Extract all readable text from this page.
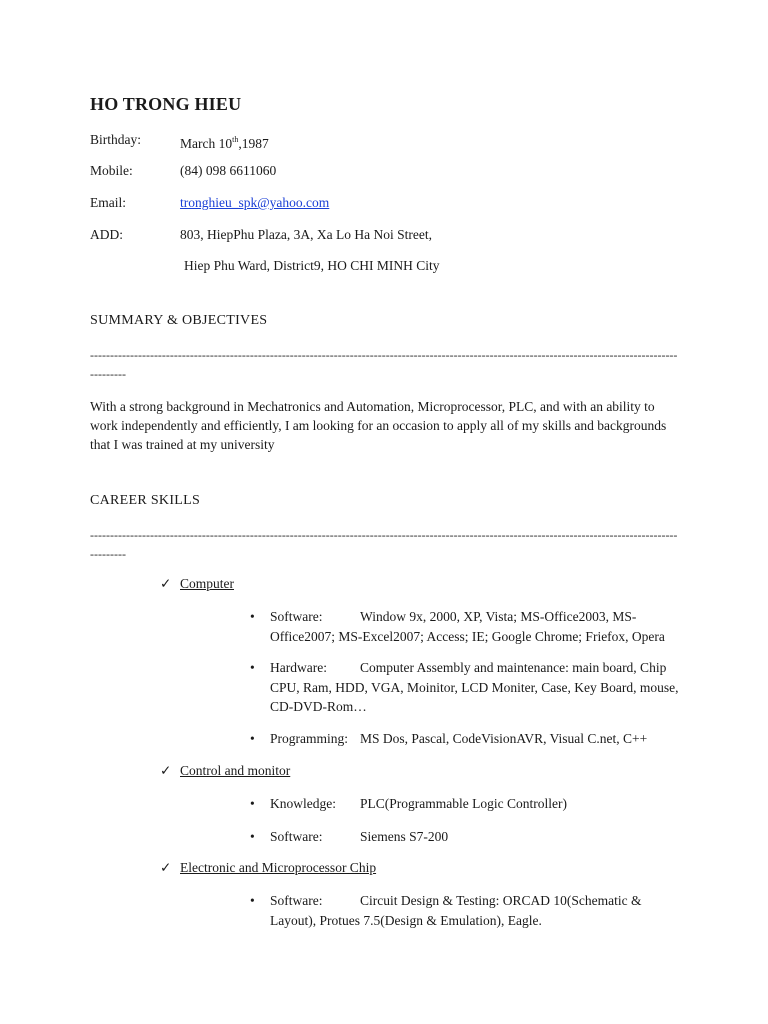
HO TRONG HIEU
Birthday:	March 10th,1987
Mobile:	(84) 098 6611060
Email:	tronghieu_spk@yahoo.com
ADD:	803, HiepPhu Plaza, 3A, Xa Lo Ha Noi Street,
Hiep Phu Ward, District9, HO CHI MINH City
SUMMARY & OBJECTIVES
------------------------------------------------------------------------------------------------------------------------------------------------------------
With a strong background in Mechatronics and Automation, Microprocessor, PLC, and with an ability to work independently and efficiently, I am looking for an occasion to apply all of my skills and backgrounds that I was trained at my university
CAREER SKILLS
------------------------------------------------------------------------------------------------------------------------------------------------------------
✓ Computer
• Software:	Window 9x, 2000, XP, Vista; MS-Office2003, MS-Office2007; MS-Excel2007; Access; IE; Google Chrome; Friefox, Opera
• Hardware: Computer Assembly and maintenance: main board, Chip CPU, Ram, HDD, VGA, Moinitor, LCD Moniter, Case, Key Board, mouse, CD-DVD-Rom…
• Programming: MS Dos, Pascal, CodeVisionAVR, Visual C.net, C++
✓ Control and monitor
• Knowledge: PLC(Programmable Logic Controller)
• Software:	Siemens S7-200
✓ Electronic and Microprocessor Chip
• Software:	Circuit Design & Testing: ORCAD 10(Schematic & Layout), Protues 7.5(Design & Emulation), Eagle.
